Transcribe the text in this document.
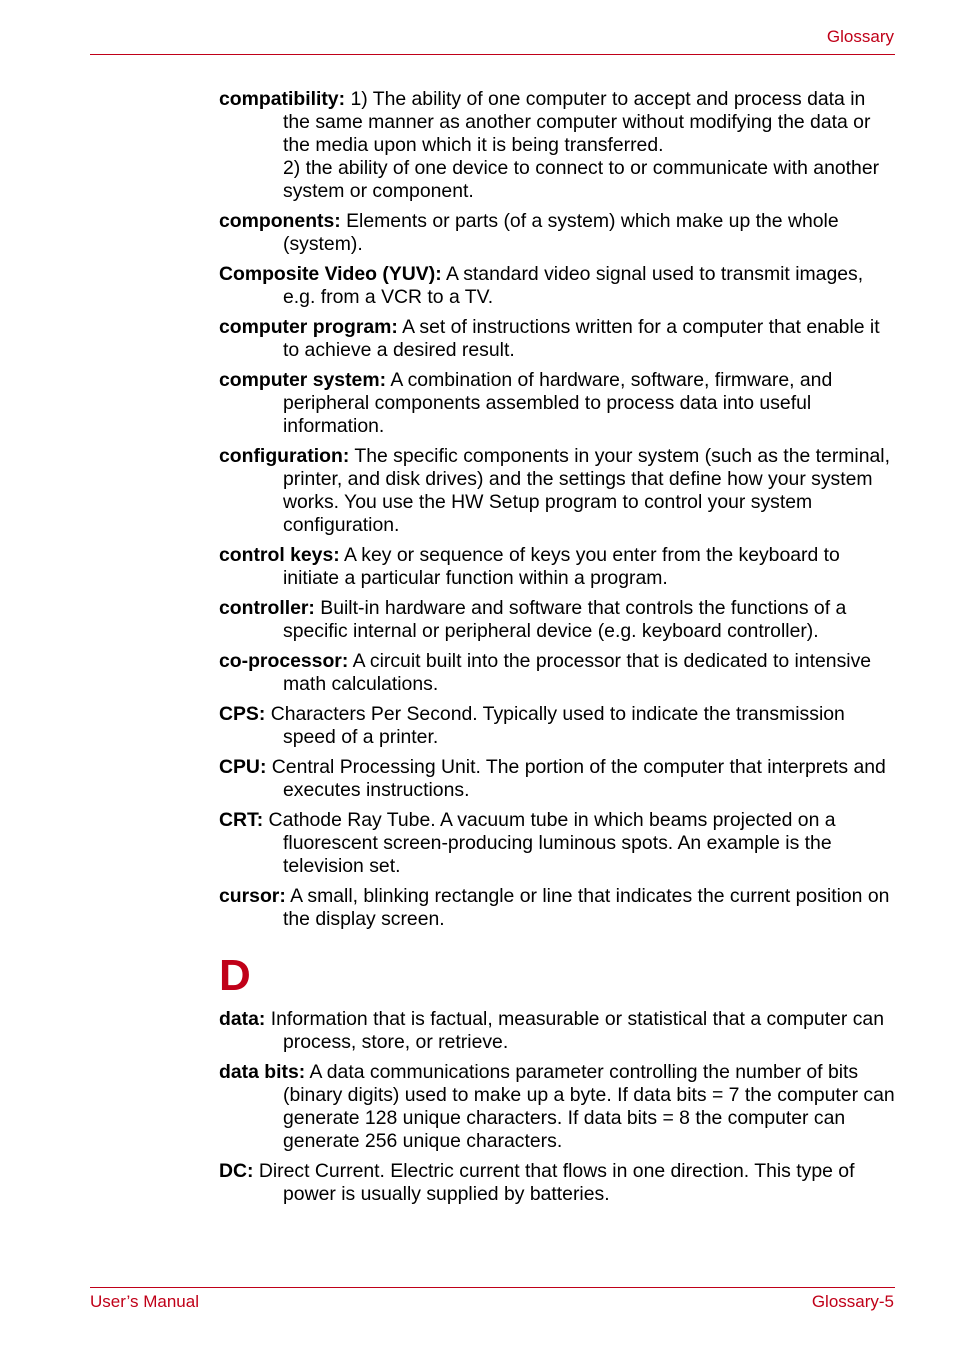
Glossary
compatibility: 1) The ability of one computer to accept and process data in the same manner as another computer without modifying the data or the media upon which it is being transferred.
2) the ability of one device to connect to or communicate with another system or component.
components: Elements or parts (of a system) which make up the whole (system).
Composite Video (YUV): A standard video signal used to transmit images, e.g. from a VCR to a TV.
computer program: A set of instructions written for a computer that enable it to achieve a desired result.
computer system: A combination of hardware, software, firmware, and peripheral components assembled to process data into useful information.
configuration: The specific components in your system (such as the terminal, printer, and disk drives) and the settings that define how your system works. You use the HW Setup program to control your system configuration.
control keys: A key or sequence of keys you enter from the keyboard to initiate a particular function within a program.
controller: Built-in hardware and software that controls the functions of a specific internal or peripheral device (e.g. keyboard controller).
co-processor: A circuit built into the processor that is dedicated to intensive math calculations.
CPS: Characters Per Second. Typically used to indicate the transmission speed of a printer.
CPU: Central Processing Unit. The portion of the computer that interprets and executes instructions.
CRT: Cathode Ray Tube. A vacuum tube in which beams projected on a fluorescent screen-producing luminous spots. An example is the television set.
cursor: A small, blinking rectangle or line that indicates the current position on the display screen.
D
data: Information that is factual, measurable or statistical that a computer can process, store, or retrieve.
data bits: A data communications parameter controlling the number of bits (binary digits) used to make up a byte. If data bits = 7 the computer can generate 128 unique characters. If data bits = 8 the computer can generate 256 unique characters.
DC: Direct Current. Electric current that flows in one direction. This type of power is usually supplied by batteries.
User’s Manual	Glossary-5
